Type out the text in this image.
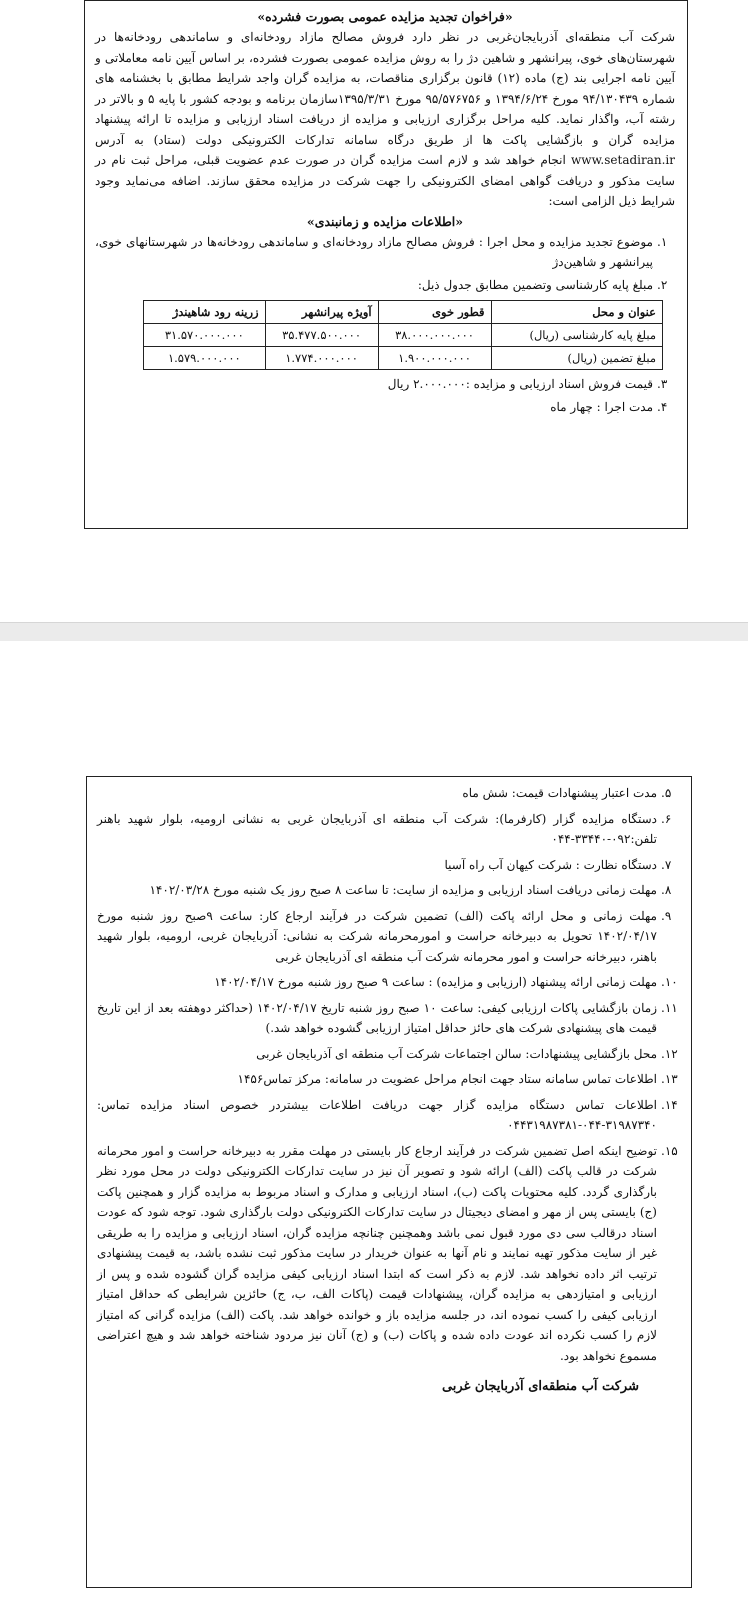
«فراخوان تجدید مزایده عمومی بصورت فشرده»

شرکت آب منطقه‌ای آذربایجان‌غربی در نظر دارد فروش مصالح مازاد رودخانه‌ای و ساماندهی رودخانه‌ها در شهرستان‌های خوی، پیرانشهر و شاهین دژ را به روش مزایده عمومی بصورت فشرده، بر اساس آیین نامه معاملاتی و آیین نامه اجرایی بند (ج) ماده (۱۲) قانون برگزاری مناقصات، به مزایده گران واجد شرایط مطابق با بخشنامه های شماره ۹۴/۱۳۰۴۳۹ مورخ ۱۳۹۴/۶/۲۴ و ۹۵/۵۷۶۷۵۶ مورخ ۱۳۹۵/۳/۳۱سازمان برنامه و بودجه کشور با پایه ۵ و بالاتر در رشته آب، واگذار نماید. کلیه مراحل برگزاری ارزیابی و مزایده از دریافت اسناد ارزیابی و مزایده تا ارائه پیشنهاد مزایده گران و بازگشایی پاکت ها از طریق درگاه سامانه تدارکات الکترونیکی دولت (ستاد) به آدرس www.setadiran.ir انجام خواهد شد و لازم است مزایده گران در صورت عدم عضویت قبلی، مراحل ثبت نام در سایت مذکور و دریافت گواهی امضای الکترونیکی را جهت شرکت در مزایده محقق سازند. اضافه می‌نماید وجود شرایط ذیل الزامی است:

«اطلاعات مزایده و زمانبندی»

۱ .
موضوع تجدید مزایده و محل اجرا : فروش مصالح مازاد رودخانه‌ای و ساماندهی رودخانه‌ها در شهرستانهای خوی، پیرانشهر و شاهین‌دژ
۲ .
مبلغ پایه کارشناسی وتضمین مطابق جدول ذیل:
عنوان و محل	قطور خوی	آویژه پیرانشهر	زرینه رود شاهیندژ
مبلغ پایه کارشناسی (ریال)	۳۸.۰۰۰.۰۰۰.۰۰۰	۳۵.۴۷۷.۵۰۰.۰۰۰	۳۱.۵۷۰.۰۰۰.۰۰۰
مبلغ تضمین (ریال)	۱.۹۰۰.۰۰۰.۰۰۰	۱.۷۷۴.۰۰۰.۰۰۰	۱.۵۷۹.۰۰۰.۰۰۰
۳ .
قیمت فروش اسناد ارزیابی و مزایده :۲.۰۰۰.۰۰۰ ریال
۴ .
مدت اجرا : چهار ماه
۵ .
مدت اعتبار پیشنهادات قیمت: شش ماه
۶ .
دستگاه مزایده گزار (کارفرما): شرکت آب منطقه ای آذربایجان غربی به نشانی ارومیه، بلوار شهید باهنر تلفن:۰۹۲-۳۳۴۴۰-۰۴۴
۷ .
دستگاه نظارت : شرکت کیهان آب راه آسیا
۸ .
مهلت زمانی دریافت اسناد ارزیابی و مزایده از سایت: تا ساعت ۸ صبح روز یک شنبه مورخ ۱۴۰۲/۰۳/۲۸
۹ .
مهلت زمانی و محل ارائه پاکت (الف) تضمین شرکت در فرآیند ارجاع کار: ساعت ۹صبح روز شنبه مورخ ۱۴۰۲/۰۴/۱۷ تحویل به دبیرخانه حراست و امورمحرمانه شرکت به نشانی: آذربایجان غربی، ارومیه، بلوار شهید باهنر، دبیرخانه حراست و امور محرمانه شرکت آب منطقه ای آذربایجان غربی
۱۰ .
مهلت زمانی ارائه پیشنهاد (ارزیابی و مزایده) : ساعت ۹ صبح روز شنبه مورخ ۱۴۰۲/۰۴/۱۷
۱۱ .
زمان بازگشایی پاکات ارزیابی کیفی: ساعت ۱۰ صبح روز شنبه تاریخ ۱۴۰۲/۰۴/۱۷ (حداکثر دوهفته بعد از این تاریخ قیمت های پیشنهادی شرکت های حائز حداقل امتیاز ارزیابی گشوده خواهد شد.)
۱۲ .
محل بازگشایی پیشنهادات: سالن اجتماعات شرکت آب منطقه ای آذربایجان غربی
۱۳ .
اطلاعات تماس سامانه ستاد جهت انجام مراحل عضویت در سامانه: مرکز تماس۱۴۵۶
۱۴ .
اطلاعات تماس دستگاه مزایده گزار جهت دریافت اطلاعات بیشتردر خصوص اسناد مزایده تماس: ۳۱۹۸۷۳۴۰-۰۴۴-۰۴۴۳۱۹۸۷۳۸۱
۱۵ .
توضیح اینکه اصل تضمین شرکت در فرآیند ارجاع کار بایستی در مهلت مقرر به دبیرخانه حراست و امور محرمانه شرکت در قالب پاکت (الف) ارائه شود و تصویر آن نیز در سایت تدارکات الکترونیکی دولت در محل مورد نظر بارگذاری گردد. کلیه محتویات پاکت (ب)، اسناد ارزیابی و مدارک و اسناد مربوط به مزایده گزار و همچنین پاکت (ج) بایستی پس از مهر و امضای دیجیتال در سایت تدارکات الکترونیکی دولت بارگذاری شود. توجه شود که عودت اسناد درقالب سی دی مورد قبول نمی باشد وهمچنین چنانچه مزایده گران، اسناد ارزیابی و مزایده را به طریقی غیر از سایت مذکور تهیه نمایند و نام آنها به عنوان خریدار در سایت مذکور ثبت نشده باشد، به قیمت پیشنهادی ترتیب اثر داده نخواهد شد. لازم به ذکر است که ابتدا اسناد ارزیابی کیفی مزایده گران گشوده شده و پس از ارزیابی و امتیازدهی به مزایده گران، پیشنهادات قیمت (پاکات الف، ب، ج) حائزین شرایطی که حداقل امتیاز ارزیابی کیفی را کسب نموده اند، در جلسه مزایده باز و خوانده خواهد شد. پاکت (الف) مزایده گرانی که امتیاز لازم را کسب نکرده اند عودت داده شده و پاکات (ب) و (ج) آنان نیز مردود شناخته خواهد شد و هیچ اعتراضی مسموع نخواهد بود.

شرکت آب منطقه‌ای آذربایجان غربی
